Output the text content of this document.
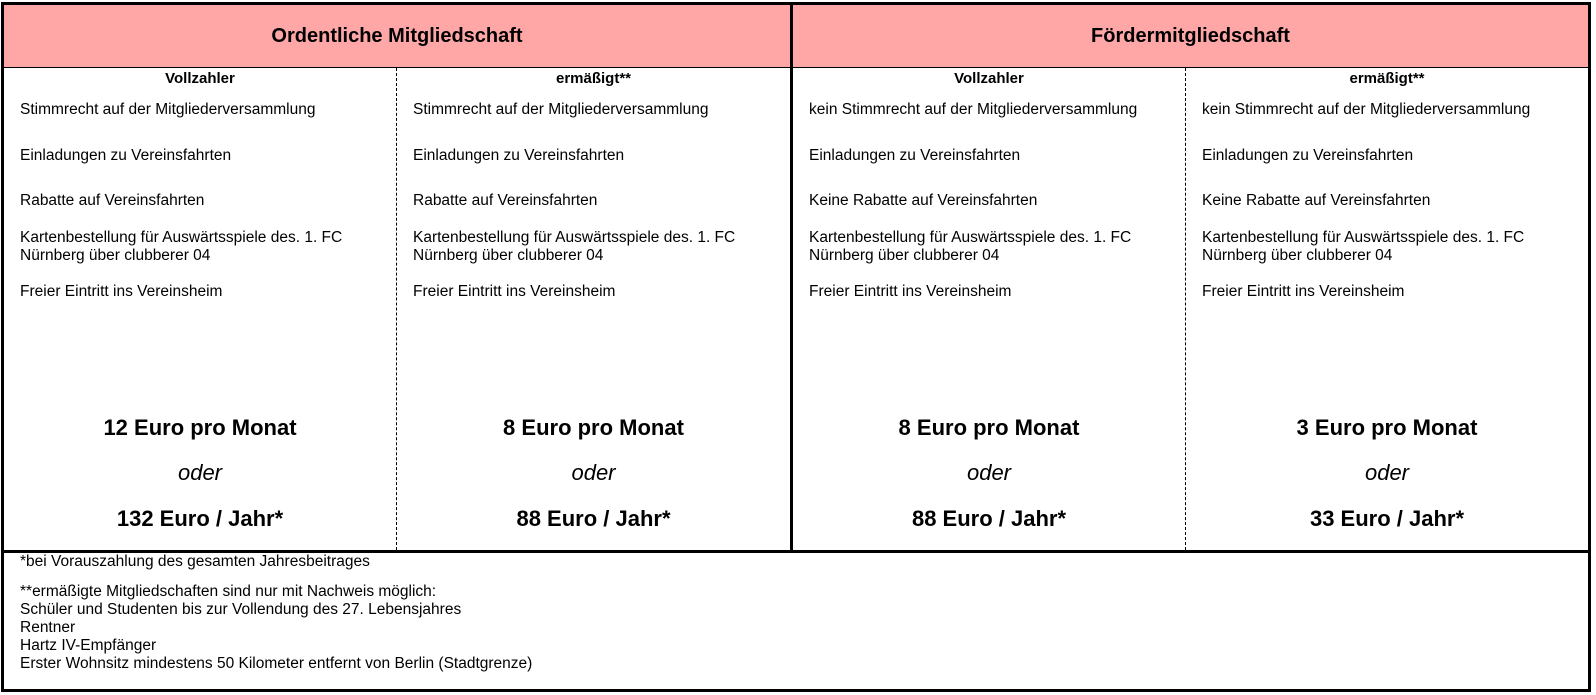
Ordentliche Mitgliedschaft	Fördermitgliedschaft
Vollzahler
Stimmrecht auf der Mitgliederversammlung
Einladungen zu Vereinsfahrten
Rabatte auf Vereinsfahrten
Kartenbestellung für Auswärtsspiele des. 1. FC
Nürnberg über clubberer 04
Freier Eintritt ins Vereinsheim
12 Euro pro Monat
oder
132 Euro / Jahr*
ermäßigt**
Stimmrecht auf der Mitgliederversammlung
Einladungen zu Vereinsfahrten
Rabatte auf Vereinsfahrten
Kartenbestellung für Auswärtsspiele des. 1. FC
Nürnberg über clubberer 04
Freier Eintritt ins Vereinsheim
8 Euro pro Monat
oder
88 Euro / Jahr*
Vollzahler
kein Stimmrecht auf der Mitgliederversammlung
Einladungen zu Vereinsfahrten
Keine Rabatte auf Vereinsfahrten
Kartenbestellung für Auswärtsspiele des. 1. FC
Nürnberg über clubberer 04
Freier Eintritt ins Vereinsheim
8 Euro pro Monat
oder
88 Euro / Jahr*
ermäßigt**
kein Stimmrecht auf der Mitgliederversammlung
Einladungen zu Vereinsfahrten
Keine Rabatte auf Vereinsfahrten
Kartenbestellung für Auswärtsspiele des. 1. FC
Nürnberg über clubberer 04
Freier Eintritt ins Vereinsheim
3 Euro pro Monat
oder
33 Euro / Jahr*
*bei Vorauszahlung des gesamten Jahresbeitrages
**ermäßigte Mitgliedschaften sind nur mit Nachweis möglich:
Schüler und Studenten bis zur Vollendung des 27. Lebensjahres
Rentner
Hartz IV-Empfänger
Erster Wohnsitz mindestens 50 Kilometer entfernt von Berlin (Stadtgrenze)
